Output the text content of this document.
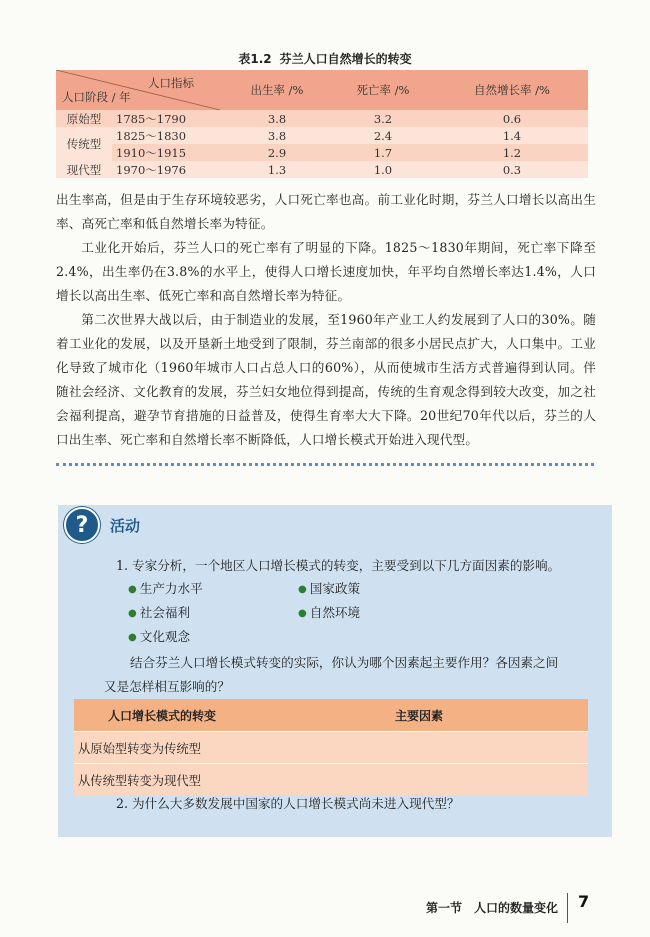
表1.2 芬兰人口自然增长的转变
人口指标
人口阶段 / 年		出生率 /%	死亡率 /%	自然增长率 /%
原始型	1785～1790	3.8	3.2	0.6
传统型	1825～1830	3.8	2.4	1.4
	1910～1915	2.9	1.7	1.2
现代型	1970～1976	1.3	1.0	0.3

出生率高，但是由于生存环境较恶劣，人口死亡率也高。前工业化时期，芬兰人口增长以高出生率、高死亡率和低自然增长率为特征。

工业化开始后，芬兰人口的死亡率有了明显的下降。1825～1830年期间，死亡率下降至2.4%，出生率仍在3.8%的水平上，使得人口增长速度加快，年平均自然增长率达1.4%，人口增长以高出生率、低死亡率和高自然增长率为特征。

第二次世界大战以后，由于制造业的发展，至1960年产业工人约发展到了人口的30%。随着工业化的发展，以及开垦新土地受到了限制，芬兰南部的很多小居民点扩大，人口集中。工业化导致了城市化（1960年城市人口占总人口的60%），从而使城市生活方式普遍得到认同。伴随社会经济、文化教育的发展，芬兰妇女地位得到提高，传统的生育观念得到较大改变，加之社会福利提高，避孕节育措施的日益普及，使得生育率大大下降。20世纪70年代以后，芬兰的人口出生率、死亡率和自然增长率不断降低，人口增长模式开始进入现代型。

?	活动
1. 专家分析，一个地区人口增长模式的转变，主要受到以下几方面因素的影响。
● 生产力水平	● 国家政策
● 社会福利	● 自然环境
● 文化观念
结合芬兰人口增长模式转变的实际，你认为哪个因素起主要作用？各因素之间
又是怎样相互影响的？
人口增长模式的转变	主要因素
从原始型转变为传统型	
从传统型转变为现代型	
2. 为什么大多数发展中国家的人口增长模式尚未进入现代型？
第一节 人口的数量变化 7
